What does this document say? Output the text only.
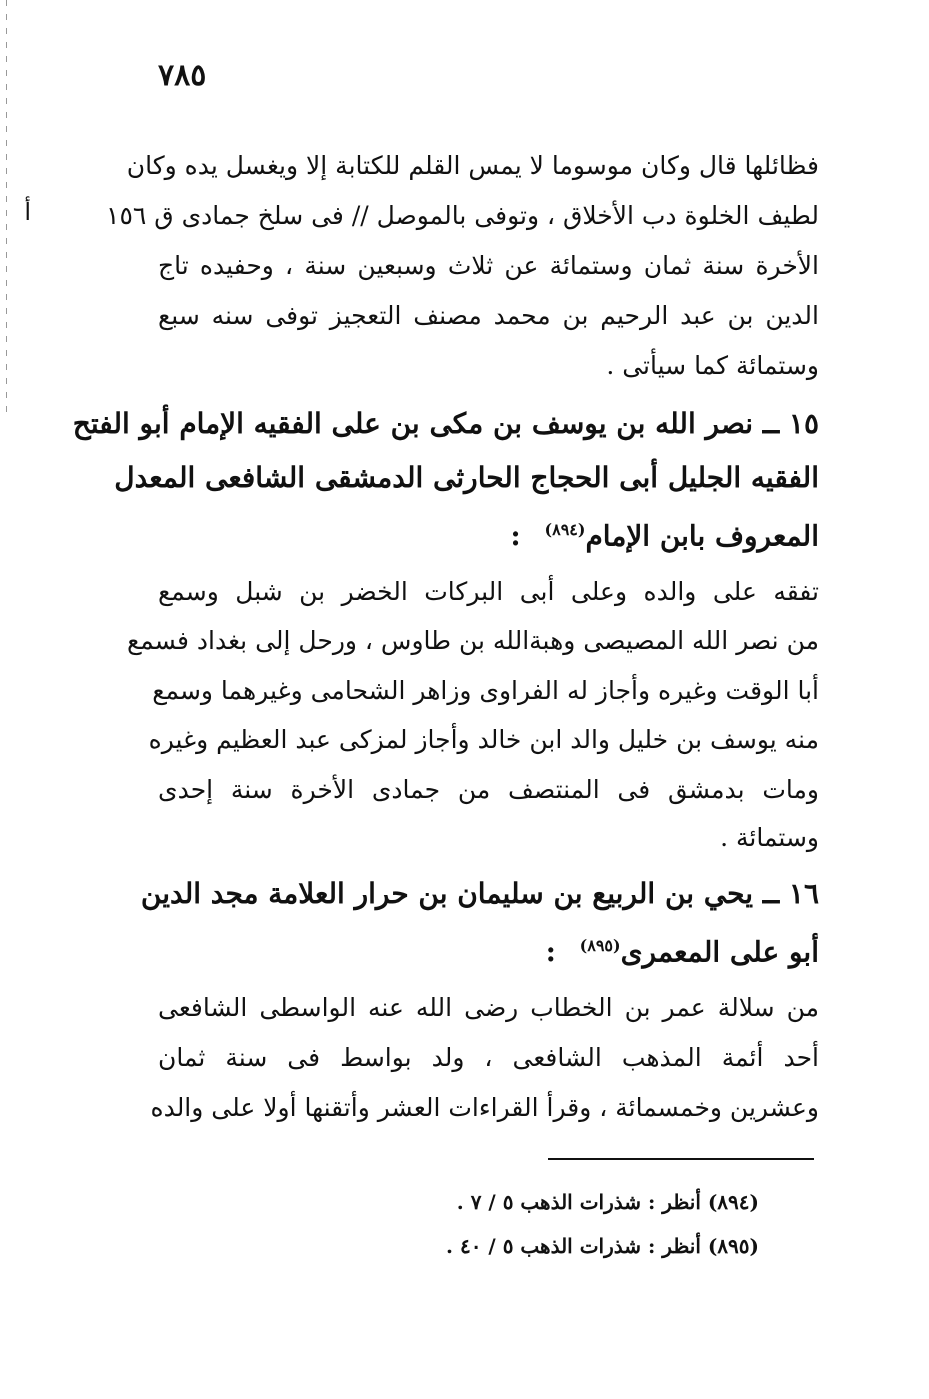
٧٨٥
فظائلها قال وكان موسوما لا يمس القلم للكتابة إلا ويغسل يده وكان
لطيف الخلوة دب الأخلاق ، وتوفى بالموصل // فى سلخ جمادى ق ١٥٦
أ
الأخرة سنة ثمان وستمائة عن ثلاث وسبعين سنة ، وحفيده تاج
الدين بن عبد الرحيم بن محمد مصنف التعجيز توفى سنه سبع
وستمائة كما سيأتى .
١٥ ــ نصر الله بن يوسف بن مكى بن على الفقيه الإمام أبو الفتح
الفقيه الجليل أبى الحجاج الحارثى الدمشقى الشافعى المعدل
المعروف بابن الإمام$^{(٨٩٤)}$ :
تفقه على والده وعلى أبى البركات الخضر بن شبل وسمع
من نصر الله المصيصى وهبةالله بن طاوس ، ورحل إلى بغداد فسمع
أبا الوقت وغيره وأجاز له الفراوى وزاهر الشحامى وغيرهما وسمع
منه يوسف بن خليل والد ابن خالد وأجاز لمزكى عبد العظيم وغيره
ومات بدمشق فى المنتصف من جمادى الأخرة سنة إحدى
وستمائة .
١٦ ــ يحي بن الربيع بن سليمان بن حرار العلامة مجد الدين
أبو على المعمرى$^{(٨٩٥)}$ :
من سلالة عمر بن الخطاب رضى الله عنه الواسطى الشافعى
أحد أئمة المذهب الشافعى ، ولد بواسط فى سنة ثمان
وعشرين وخمسمائة ، وقرأ القراءات العشر وأتقنها أولا على والده
(٨٩٤) أنظر : شذرات الذهب ٥ / ٧ .
(٨٩٥) أنظر : شذرات الذهب ٥ / ٤٠ .
